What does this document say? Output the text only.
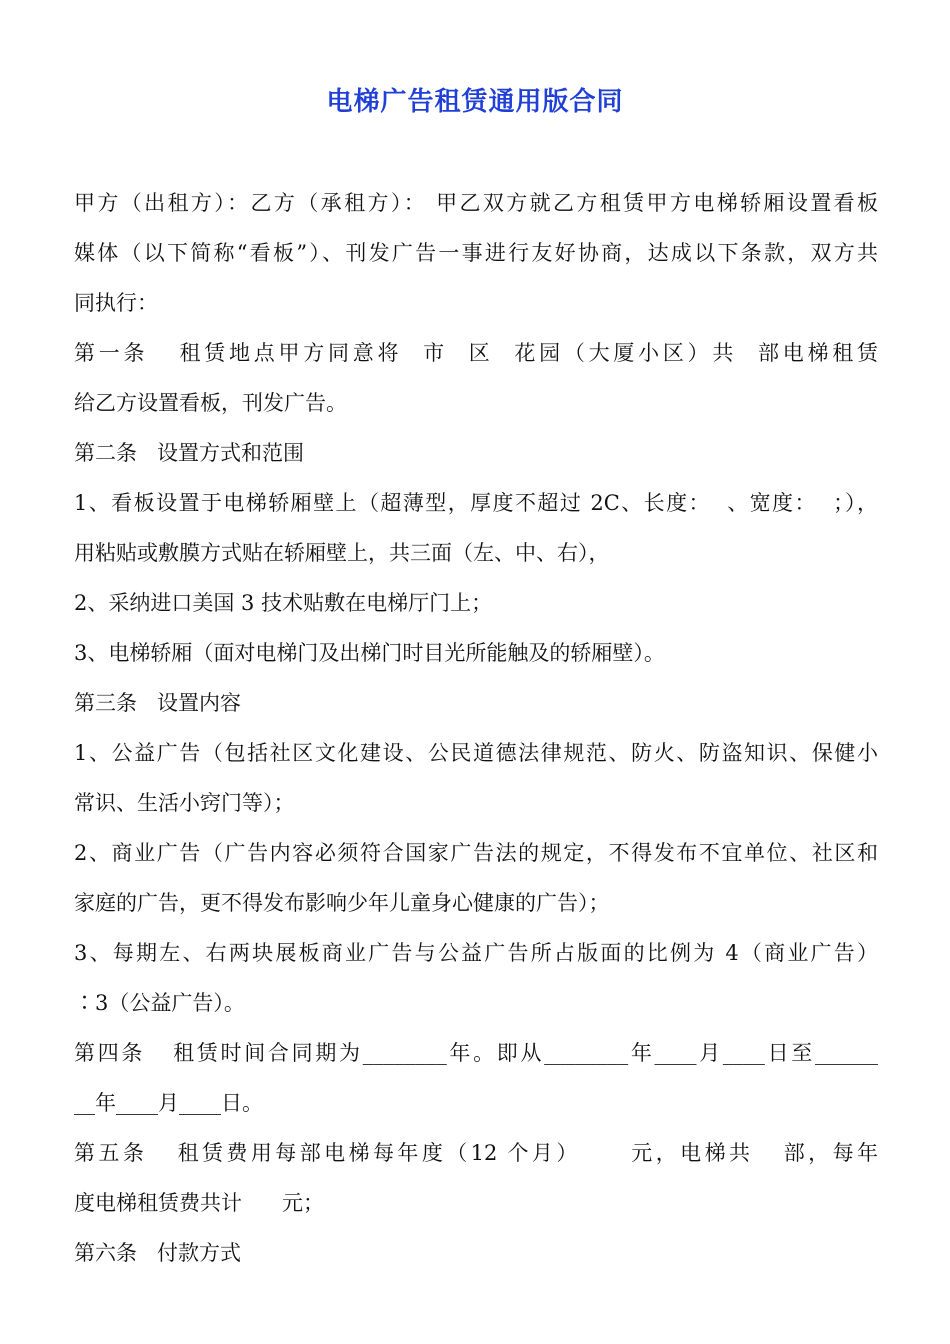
电梯广告租赁通用版合同
甲方（出租方）：乙方（承租方）： 甲乙双方就乙方租赁甲方电梯轿厢设置看板
媒体（以下简称“看板”）、刊发广告一事进行友好协商，达成以下条款，双方共
同执行：
第一条   租赁地点甲方同意将  市  区  花园（大厦小区）共  部电梯租赁
给乙方设置看板，刊发广告。
第二条   设置方式和范围
1、看板设置于电梯轿厢壁上（超薄型，厚度不超过 2C、长度：  、宽度：  ；），
用粘贴或敷膜方式贴在轿厢壁上，共三面（左、中、右），
2、采纳进口美国 3 技术贴敷在电梯厅门上；
3、电梯轿厢（面对电梯门及出梯门时目光所能触及的轿厢壁）。
第三条   设置内容
1、公益广告（包括社区文化建设、公民道德法律规范、防火、防盗知识、保健小
常识、生活小窍门等）；
2、商业广告（广告内容必须符合国家广告法的规定，不得发布不宜单位、社区和
家庭的广告，更不得发布影响少年儿童身心健康的广告）；
3、每期左、右两块展板商业广告与公益广告所占版面的比例为 4（商业广告）
∶3（公益广告）。
第四条   租赁时间合同期为________年。即从________年____月____日至______
__年____月____日。
第五条   租赁费用每部电梯每年度（12 个月）     元，电梯共   部，每年
度电梯租赁费共计      元；
第六条   付款方式
